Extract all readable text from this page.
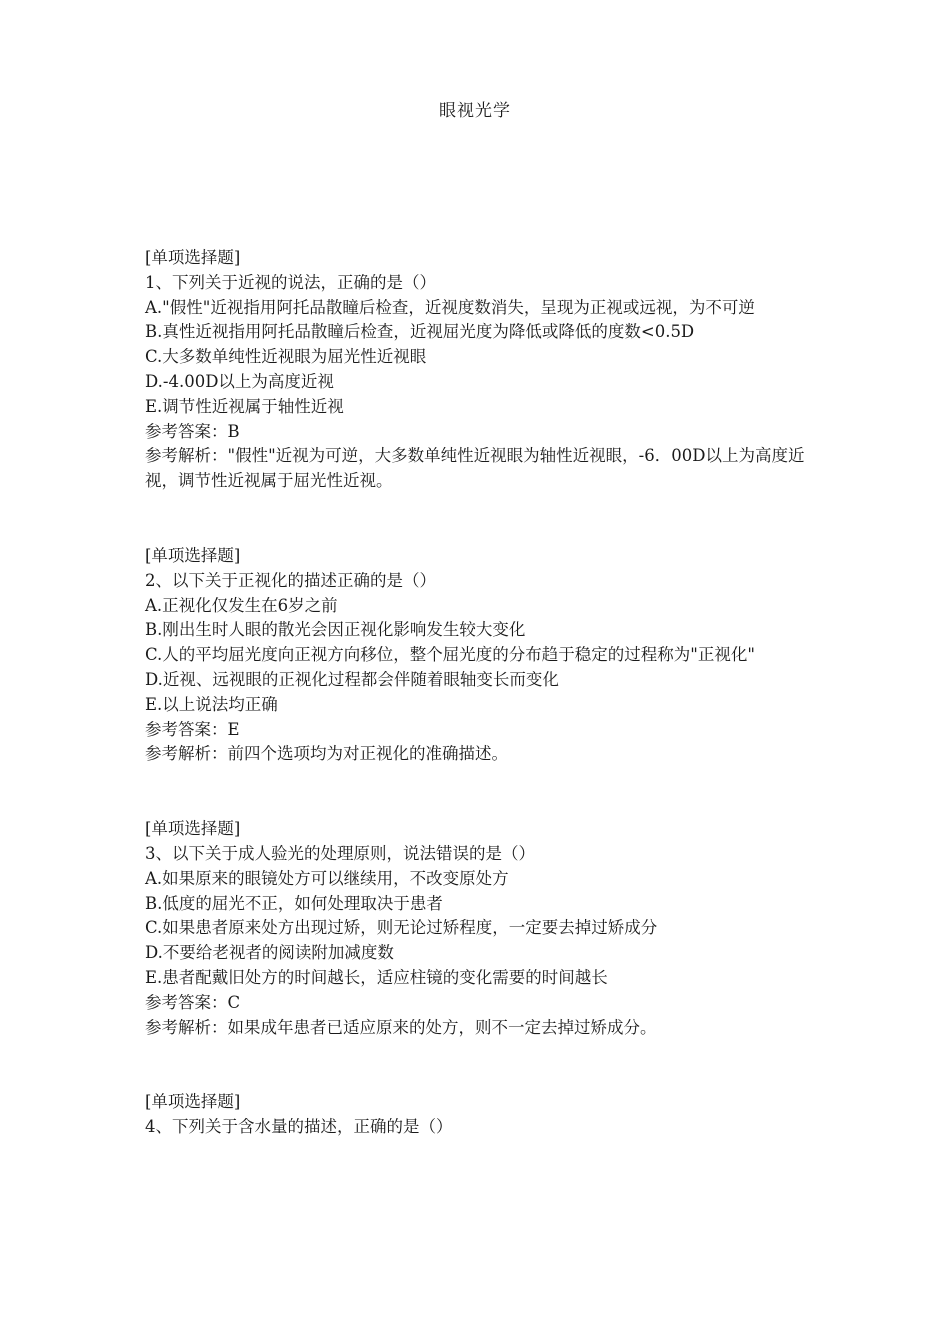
眼视光学
[单项选择题]
1、下列关于近视的说法，正确的是（）
A."假性"近视指用阿托品散瞳后检查，近视度数消失，呈现为正视或远视，为不可逆
B.真性近视指用阿托品散瞳后检查，近视屈光度为降低或降低的度数<0.5D
C.大多数单纯性近视眼为屈光性近视眼
D.-4.00D以上为高度近视
E.调节性近视属于轴性近视
参考答案：B
参考解析："假性"近视为可逆，大多数单纯性近视眼为轴性近视眼，-6．00D以上为高度近视，调节性近视属于屈光性近视。
[单项选择题]
2、以下关于正视化的描述正确的是（）
A.正视化仅发生在6岁之前
B.刚出生时人眼的散光会因正视化影响发生较大变化
C.人的平均屈光度向正视方向移位，整个屈光度的分布趋于稳定的过程称为"正视化"
D.近视、远视眼的正视化过程都会伴随着眼轴变长而变化
E.以上说法均正确
参考答案：E
参考解析：前四个选项均为对正视化的准确描述。
[单项选择题]
3、以下关于成人验光的处理原则，说法错误的是（）
A.如果原来的眼镜处方可以继续用，不改变原处方
B.低度的屈光不正，如何处理取决于患者
C.如果患者原来处方出现过矫，则无论过矫程度，一定要去掉过矫成分
D.不要给老视者的阅读附加减度数
E.患者配戴旧处方的时间越长，适应柱镜的变化需要的时间越长
参考答案：C
参考解析：如果成年患者已适应原来的处方，则不一定去掉过矫成分。
[单项选择题]
4、下列关于含水量的描述，正确的是（）
